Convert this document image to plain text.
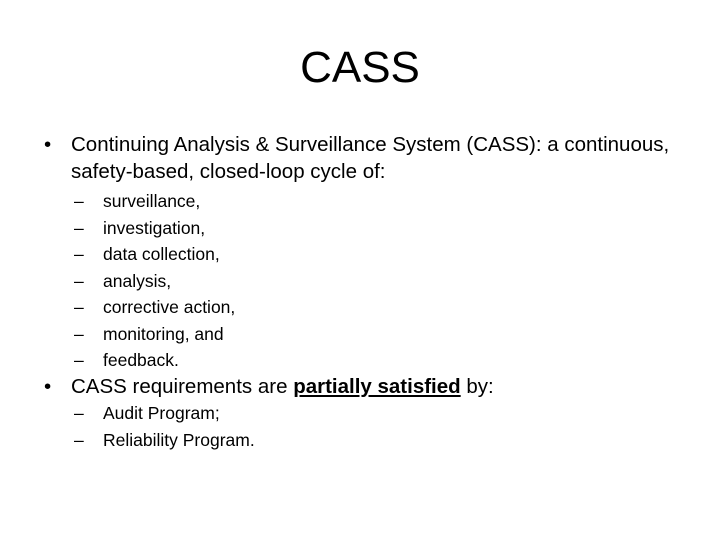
CASS
• Continuing Analysis & Surveillance System (CASS): a continuous, safety-based, closed-loop cycle of:
– surveillance,
– investigation,
– data collection,
– analysis,
– corrective action,
– monitoring, and
– feedback.
• CASS requirements are partially satisfied by:
– Audit Program;
– Reliability Program.
